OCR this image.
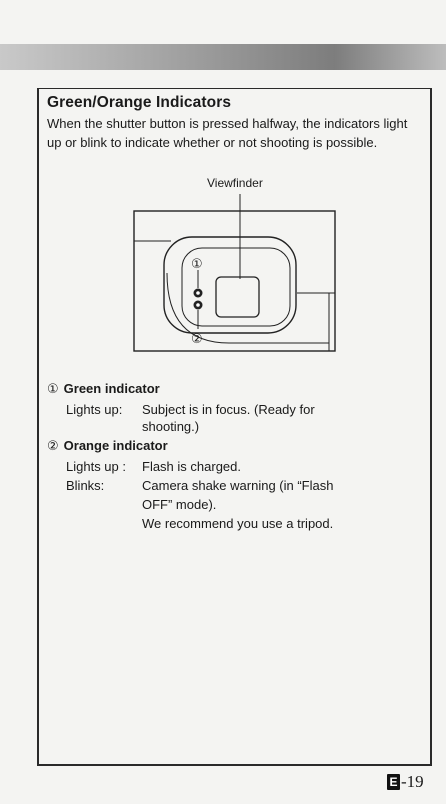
Green/Orange Indicators
When the shutter button is pressed halfway, the indicators light up or blink to indicate whether or not shooting is possible.
Viewfinder
①
②
① Green indicator
Lights up: Subject is in focus. (Ready for
shooting.)
② Orange indicator
Lights up : Flash is charged.
Blinks:	Camera shake warning (in “Flash
OFF” mode).
We recommend you use a tripod.
E -19
